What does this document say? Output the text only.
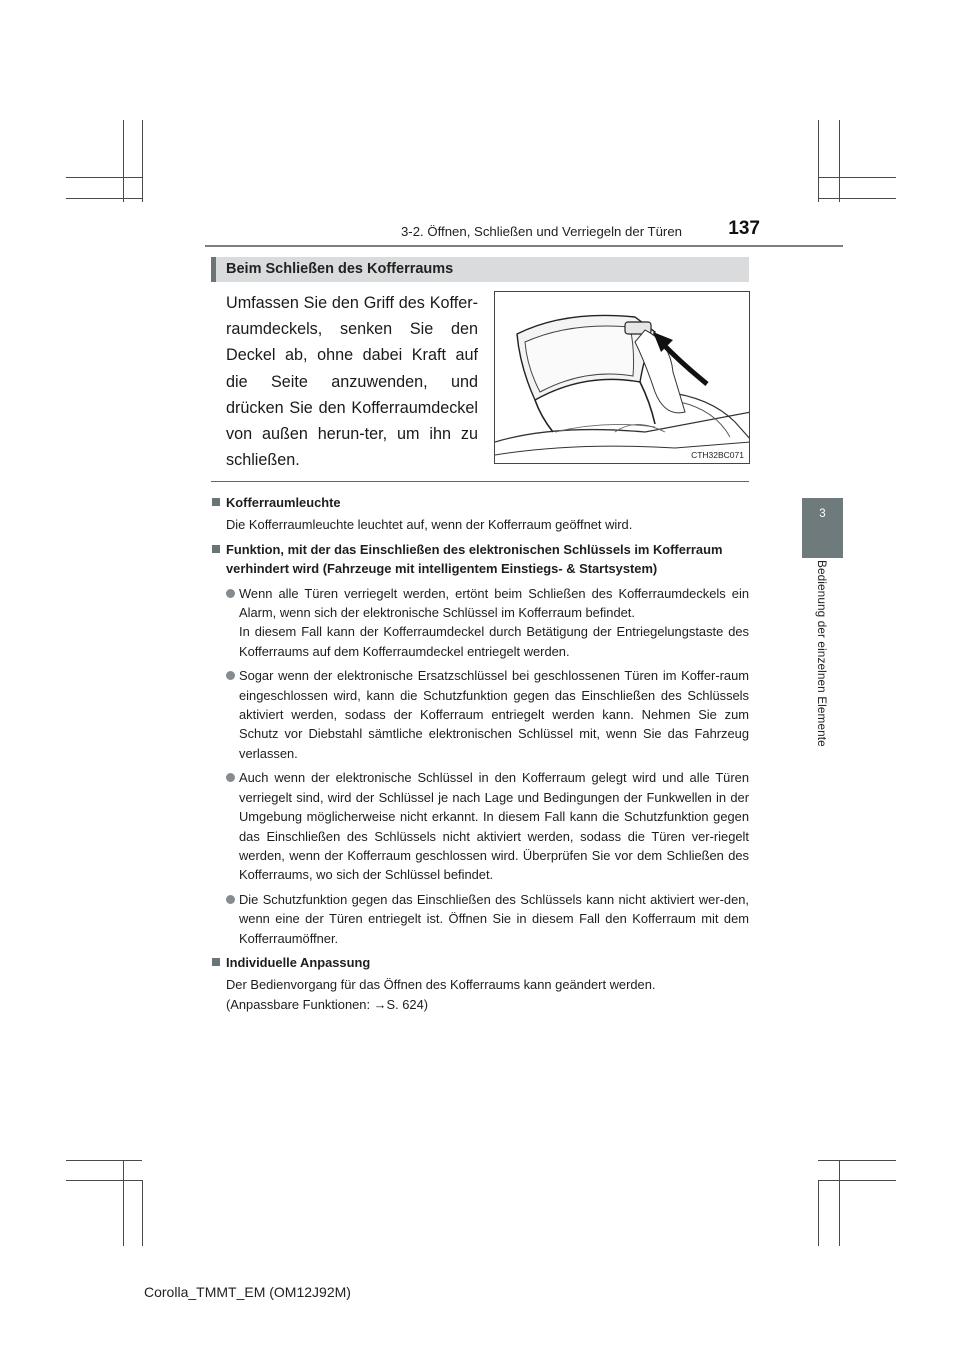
3-2. Öffnen, Schließen und Verriegeln der Türen 137
3
Bedienung der einzelnen Elemente
Beim Schließen des Kofferraums
Umfassen Sie den Griff des Koffer-raumdeckels, senken Sie den Deckel ab, ohne dabei Kraft auf die Seite anzuwenden, und drücken Sie den Kofferraumdeckel von außen herun-ter, um ihn zu schließen.	CTH32BC071
Kofferraumleuchte
Die Kofferraumleuchte leuchtet auf, wenn der Kofferraum geöffnet wird.
Funktion, mit der das Einschließen des elektronischen Schlüssels im Kofferraum verhindert wird (Fahrzeuge mit intelligentem Einstiegs- & Startsystem)
Wenn alle Türen verriegelt werden, ertönt beim Schließen des Kofferraumdeckels ein Alarm, wenn sich der elektronische Schlüssel im Kofferraum befindet.
In diesem Fall kann der Kofferraumdeckel durch Betätigung der Entriegelungstaste des Kofferraums auf dem Kofferraumdeckel entriegelt werden.
Sogar wenn der elektronische Ersatzschlüssel bei geschlossenen Türen im Koffer-raum eingeschlossen wird, kann die Schutzfunktion gegen das Einschließen des Schlüssels aktiviert werden, sodass der Kofferraum entriegelt werden kann. Nehmen Sie zum Schutz vor Diebstahl sämtliche elektronischen Schlüssel mit, wenn Sie das Fahrzeug verlassen.
Auch wenn der elektronische Schlüssel in den Kofferraum gelegt wird und alle Türen verriegelt sind, wird der Schlüssel je nach Lage und Bedingungen der Funkwellen in der Umgebung möglicherweise nicht erkannt. In diesem Fall kann die Schutzfunktion gegen das Einschließen des Schlüssels nicht aktiviert werden, sodass die Türen ver-riegelt werden, wenn der Kofferraum geschlossen wird. Überprüfen Sie vor dem Schließen des Kofferraums, wo sich der Schlüssel befindet.
Die Schutzfunktion gegen das Einschließen des Schlüssels kann nicht aktiviert wer-den, wenn eine der Türen entriegelt ist. Öffnen Sie in diesem Fall den Kofferraum mit dem Kofferraumöffner.
Individuelle Anpassung
Der Bedienvorgang für das Öffnen des Kofferraums kann geändert werden.
(Anpassbare Funktionen: →S. 624)
Corolla_TMMT_EM (OM12J92M)
